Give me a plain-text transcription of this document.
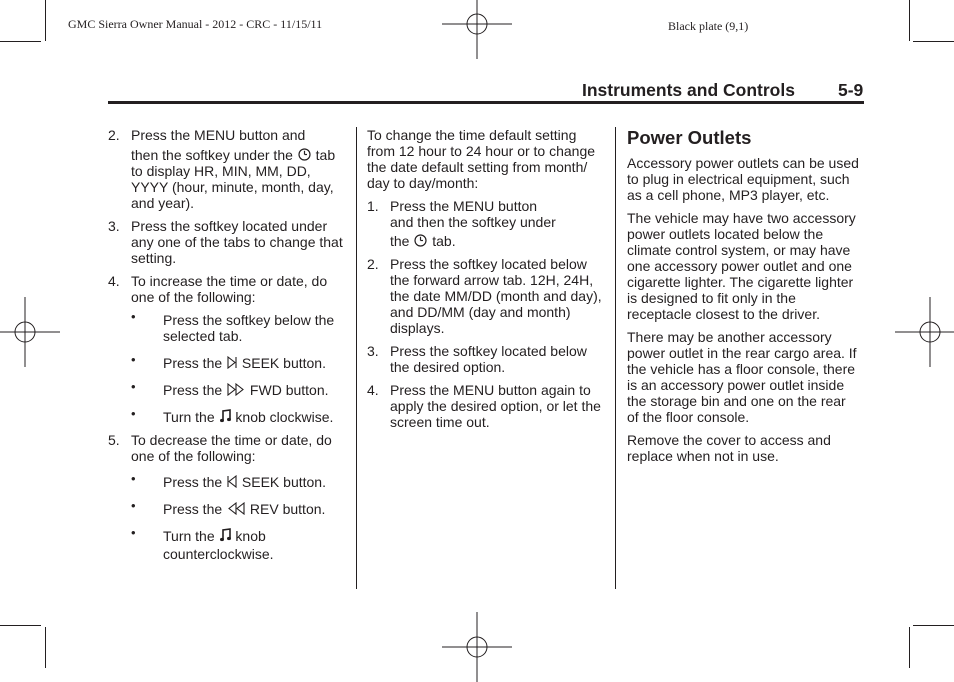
GMC Sierra Owner Manual - 2012 - CRC - 11/15/11	Black plate (9,1)
Instruments and Controls 5-9
2. Press the MENU button and
then the softkey under the tab to display HR, MIN, MM, DD, YYYY (hour, minute, month, day, and year).
3. Press the softkey located under any one of the tabs to change that setting.
4. To increase the time or date, do one of the following:
• Press the softkey below the selected tab.
• Press the SEEK button.
• Press the FWD button.
• Turn the knob clockwise.
5. To decrease the time or date, do one of the following:
• Press the SEEK button.
• Press the REV button.
• Turn the knob
counterclockwise.

To change the time default setting from 12 hour to 24 hour or to change the date default setting from month/ day to day/month:

1. Press the MENU button
and then the softkey under
the tab.
2. Press the softkey located below the forward arrow tab. 12H, 24H, the date MM/DD (month and day), and DD/MM (day and month) displays.
3. Press the softkey located below the desired option.
4. Press the MENU button again to apply the desired option, or let the screen time out.
Power Outlets

Accessory power outlets can be used to plug in electrical equipment, such as a cell phone, MP3 player, etc.

The vehicle may have two accessory power outlets located below the climate control system, or may have one accessory power outlet and one cigarette lighter. The cigarette lighter is designed to fit only in the receptacle closest to the driver.

There may be another accessory power outlet in the rear cargo area. If the vehicle has a floor console, there is an accessory power outlet inside the storage bin and one on the rear of the floor console.

Remove the cover to access and replace when not in use.
